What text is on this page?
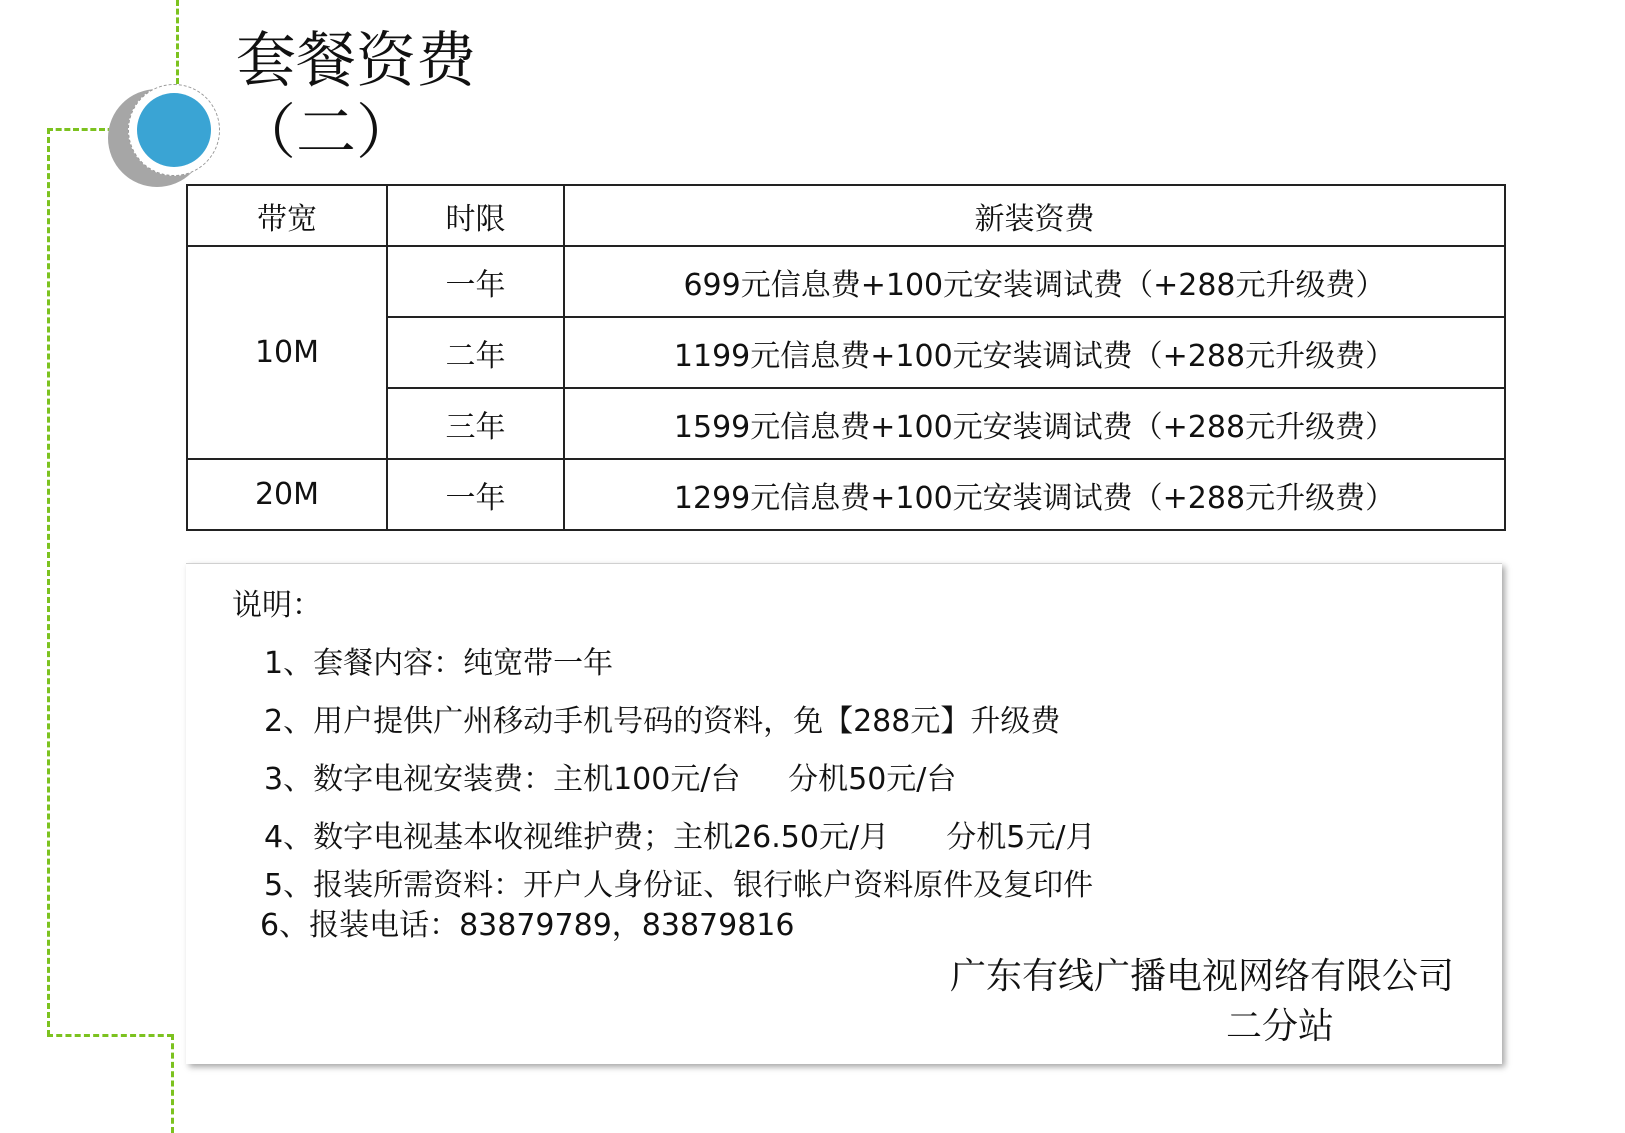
套餐资费
（二）
带宽	时限	新装资费
10M	一年	699元信息费+100元安装调试费（+288元升级费）
	二年	1199元信息费+100元安装调试费（+288元升级费）
	三年	1599元信息费+100元安装调试费（+288元升级费）
20M	一年	1299元信息费+100元安装调试费（+288元升级费）
说明：
1、套餐内容：纯宽带一年
2、用户提供广州移动手机号码的资料，免【288元】升级费
3、数字电视安装费：主机100元/台     分机50元/台
4、数字电视基本收视维护费；主机26.50元/月      分机5元/月
5、报装所需资料：开户人身份证、银行帐户资料原件及复印件
6、报装电话：83879789，83879816
广东有线广播电视网络有限公司
二分站
